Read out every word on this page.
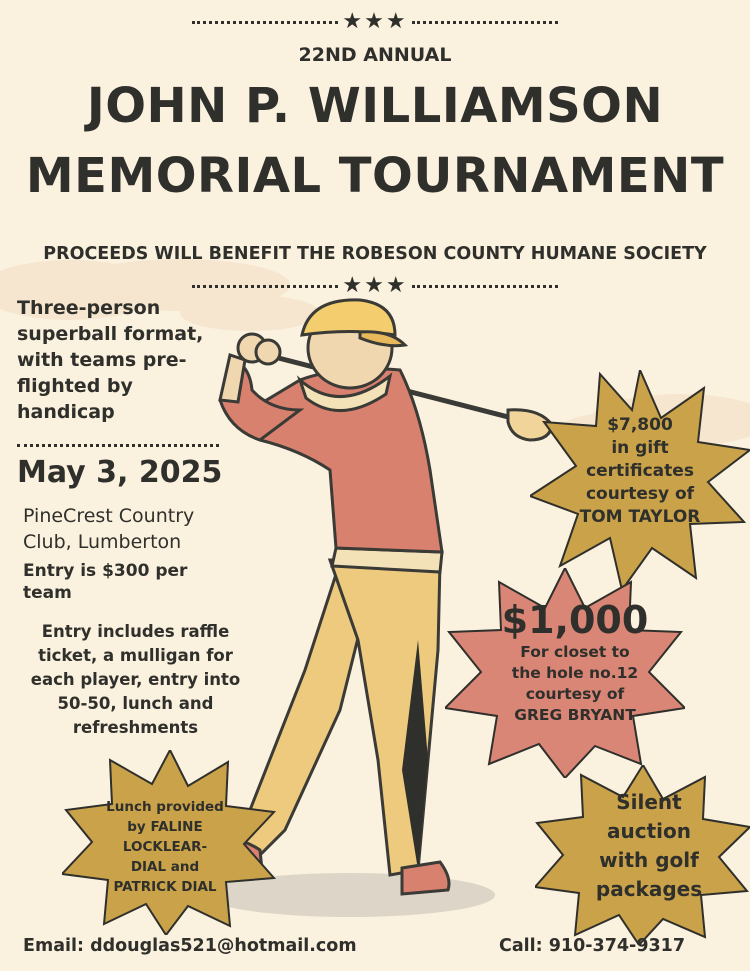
★★★
22ND ANNUAL
JOHN P. WILLIAMSON
MEMORIAL TOURNAMENT
PROCEEDS WILL BENEFIT THE ROBESON COUNTY HUMANE SOCIETY
★★★
Three-person
superball format,
with teams pre-
flighted by
handicap
May 3, 2025
PineCrest Country
Club, Lumberton
Entry is $300 per
team
Entry includes raffle
ticket, a mulligan for
each player, entry into
50-50, lunch and
refreshments
$7,800
in gift
certificates
courtesy of
TOM TAYLOR
$1,000
For closet to
the hole no.12
courtesy of
GREG BRYANT
Silent
auction
with golf
packages
Lunch provided
by FALINE
LOCKLEAR-
DIAL and
PATRICK DIAL
Email: ddouglas521@hotmail.com	Call: 910-374-9317
